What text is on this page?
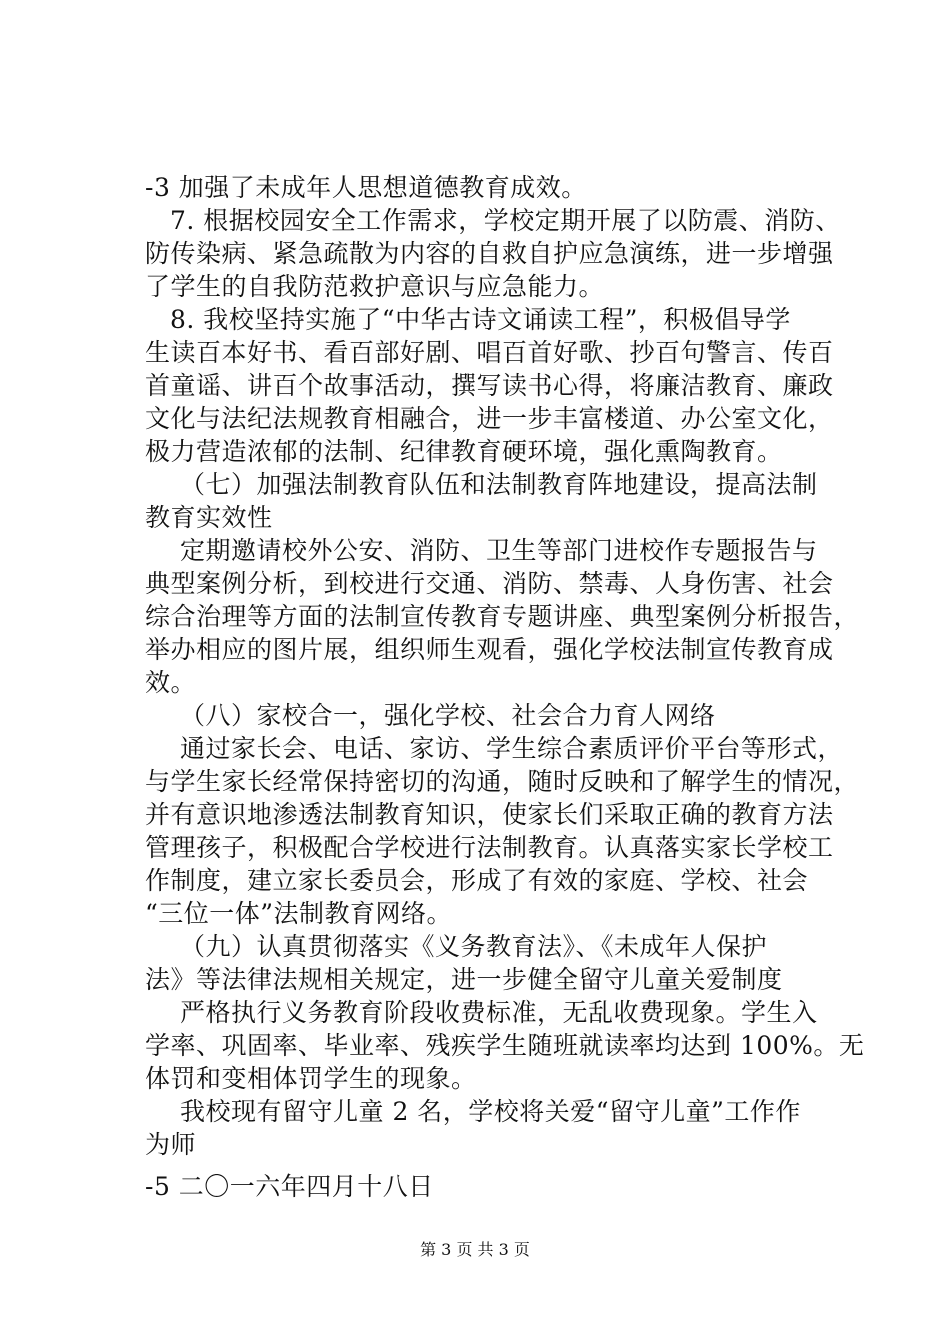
-3 加强了未成年人思想道德教育成效。
7. 根据校园安全工作需求，学校定期开展了以防震、消防、
防传染病、紧急疏散为内容的自救自护应急演练，进一步增强
了学生的自我防范救护意识与应急能力。
8. 我校坚持实施了“中华古诗文诵读工程”，积极倡导学
生读百本好书、看百部好剧、唱百首好歌、抄百句警言、传百
首童谣、讲百个故事活动，撰写读书心得，将廉洁教育、廉政
文化与法纪法规教育相融合，进一步丰富楼道、办公室文化，
极力营造浓郁的法制、纪律教育硬环境，强化熏陶教育。
（七）加强法制教育队伍和法制教育阵地建设，提高法制
教育实效性
定期邀请校外公安、消防、卫生等部门进校作专题报告与
典型案例分析，到校进行交通、消防、禁毒、人身伤害、社会
综合治理等方面的法制宣传教育专题讲座、典型案例分析报告，
举办相应的图片展，组织师生观看，强化学校法制宣传教育成
效。
（八）家校合一，强化学校、社会合力育人网络
通过家长会、电话、家访、学生综合素质评价平台等形式，
与学生家长经常保持密切的沟通，随时反映和了解学生的情况，
并有意识地渗透法制教育知识，使家长们采取正确的教育方法
管理孩子，积极配合学校进行法制教育。认真落实家长学校工
作制度，建立家长委员会，形成了有效的家庭、学校、社会
“三位一体”法制教育网络。
（九）认真贯彻落实《义务教育法》、《未成年人保护
法》等法律法规相关规定，进一步健全留守儿童关爱制度
严格执行义务教育阶段收费标准，无乱收费现象。学生入
学率、巩固率、毕业率、残疾学生随班就读率均达到 100%。无
体罚和变相体罚学生的现象。
我校现有留守儿童 2 名，学校将关爱“留守儿童”工作作
为师
-5 二〇一六年四月十八日
第 3 页 共 3 页
